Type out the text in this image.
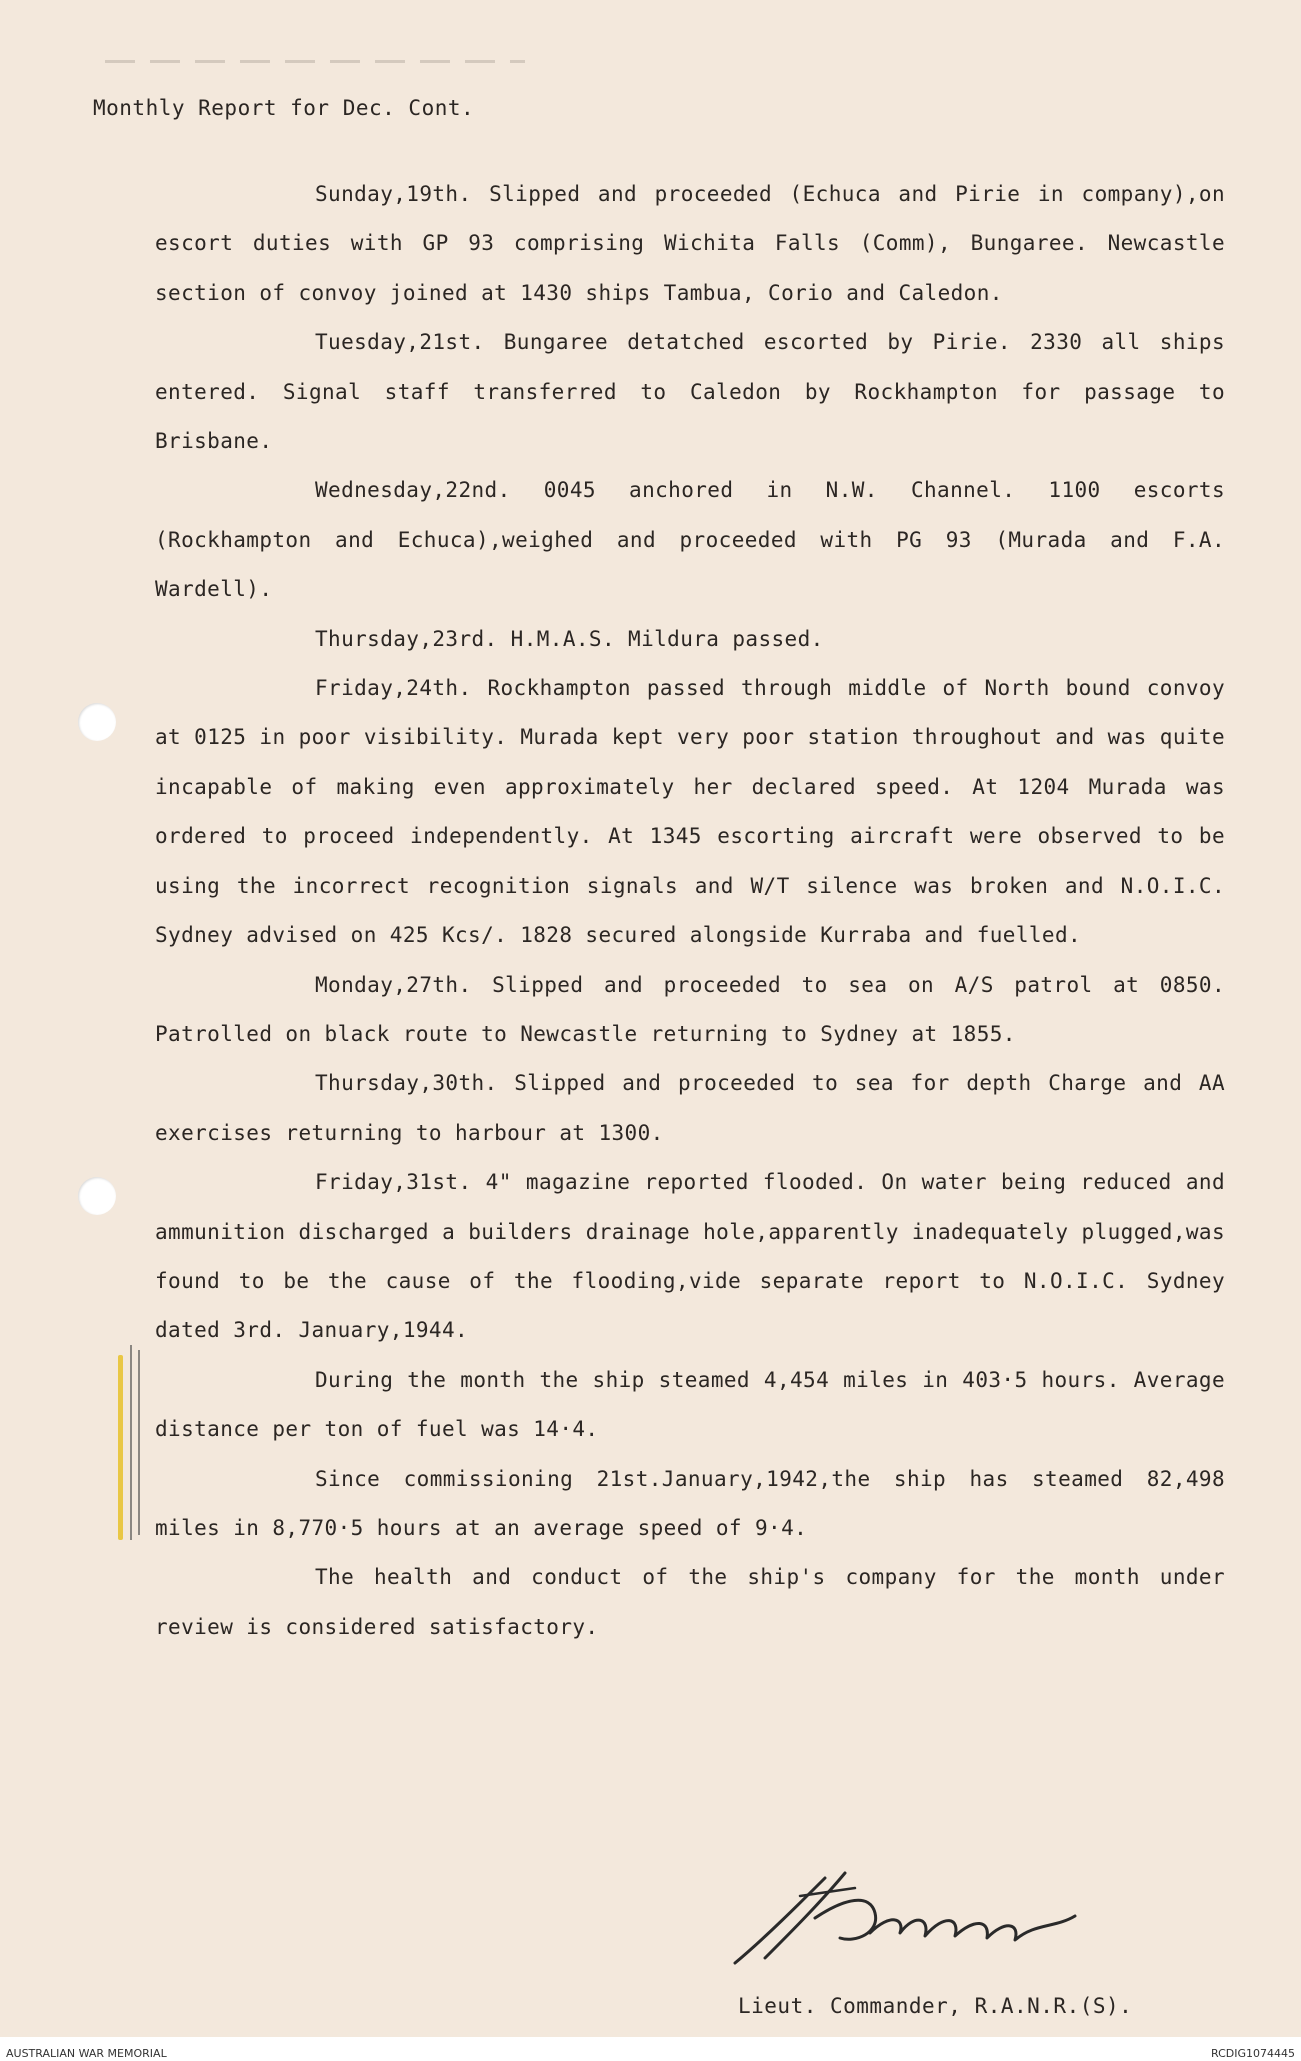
Monthly Report for Dec. Cont.

Sunday,19th. Slipped and proceeded (Echuca and Pirie in company),on escort duties with GP 93 comprising Wichita Falls (Comm), Bungaree. Newcastle section of convoy joined at 1430 ships Tambua, Corio and Caledon.

Tuesday,21st. Bungaree detatched escorted by Pirie. 2330 all ships entered. Signal staff transferred to Caledon by Rockhampton for passage to Brisbane.

Wednesday,22nd. 0045 anchored in N.W. Channel. 1100 escorts (Rockhampton and Echuca),weighed and proceeded with PG 93 (Murada and F.A. Wardell).

Thursday,23rd. H.M.A.S. Mildura passed.

Friday,24th. Rockhampton passed through middle of North bound convoy at 0125 in poor visibility. Murada kept very poor station throughout and was quite incapable of making even approximately her declared speed. At 1204 Murada was ordered to proceed independently. At 1345 escorting aircraft were observed to be using the incorrect recognition signals and W/T silence was broken and N.O.I.C. Sydney advised on 425 Kcs/. 1828 secured alongside Kurraba and fuelled.

Monday,27th. Slipped and proceeded to sea on A/S patrol at 0850. Patrolled on black route to Newcastle returning to Sydney at 1855.

Thursday,30th. Slipped and proceeded to sea for depth Charge and AA exercises returning to harbour at 1300.

Friday,31st. 4" magazine reported flooded. On water being reduced and ammunition discharged a builders drainage hole,apparently inadequately plugged,was found to be the cause of the flooding,vide separate report to N.O.I.C. Sydney dated 3rd. January,1944.

During the month the ship steamed 4,454 miles in 403·5 hours. Average distance per ton of fuel was 14·4.

Since commissioning 21st.January,1942,the ship has steamed 82,498 miles in 8,770·5 hours at an average speed of 9·4.

The health and conduct of the ship's company for the month under review is considered satisfactory.

Lieut. Commander, R.A.N.R.(S).
AUSTRALIAN WAR MEMORIAL	RCDIG1074445
